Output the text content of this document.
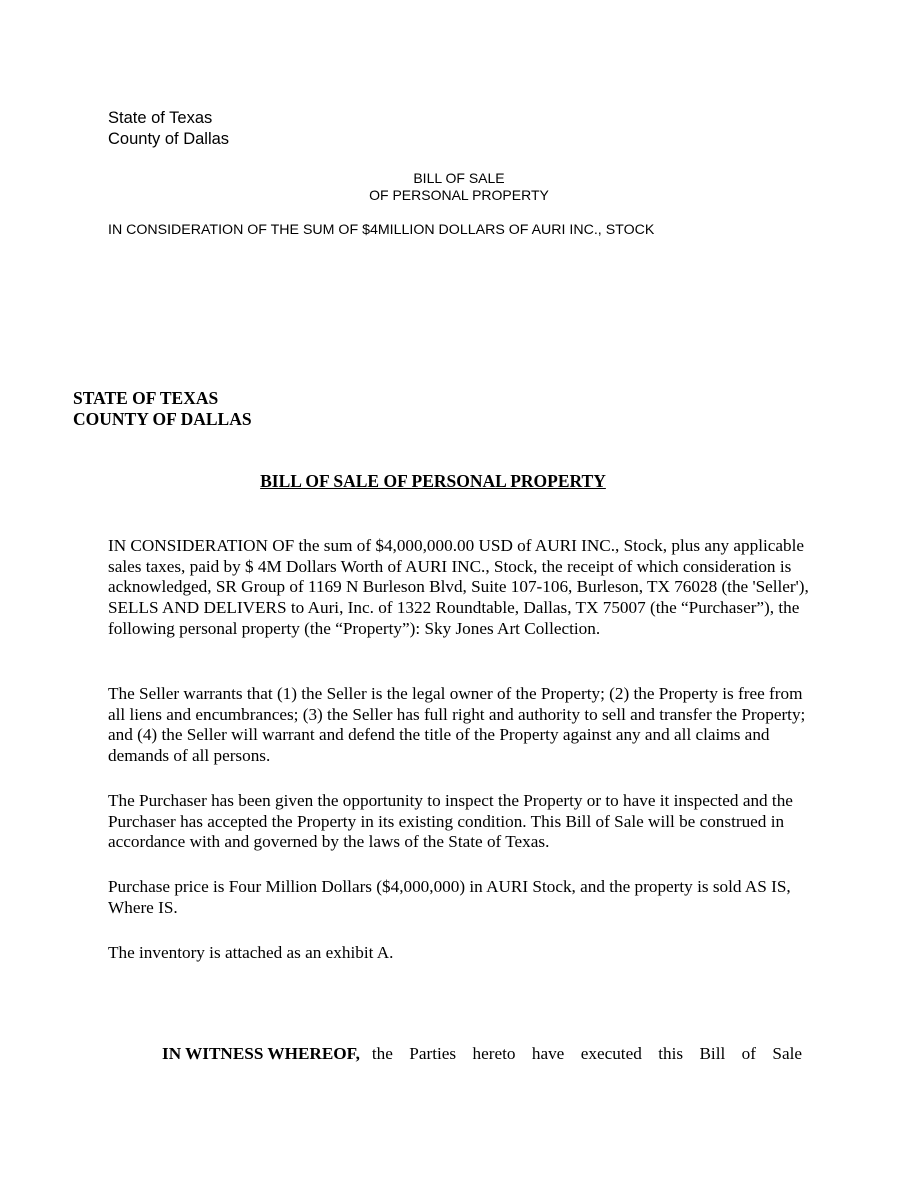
State of Texas
County of Dallas
BILL OF SALE
OF PERSONAL PROPERTY
IN CONSIDERATION OF THE SUM OF $4MILLION DOLLARS OF AURI INC., STOCK
STATE OF TEXAS
COUNTY OF DALLAS
BILL OF SALE OF PERSONAL PROPERTY
IN CONSIDERATION OF the sum of $4,000,000.00 USD of AURI INC., Stock, plus any applicable sales taxes, paid by $ 4M Dollars Worth of AURI INC., Stock, the receipt of which consideration is acknowledged, SR Group of 1169 N Burleson Blvd, Suite 107-106, Burleson, TX 76028 (the 'Seller'), SELLS AND DELIVERS to Auri, Inc. of 1322 Roundtable, Dallas, TX 75007 (the “Purchaser”), the following personal property (the “Property”): Sky Jones Art Collection.
The Seller warrants that (1) the Seller is the legal owner of the Property; (2) the Property is free from all liens and encumbrances; (3) the Seller has full right and authority to sell and transfer the Property; and (4) the Seller will warrant and defend the title of the Property against any and all claims and demands of all persons.
The Purchaser has been given the opportunity to inspect the Property or to have it inspected and the Purchaser has accepted the Property in its existing condition. This Bill of Sale will be construed in accordance with and governed by the laws of the State of Texas.
Purchase price is Four Million Dollars ($4,000,000) in AURI Stock, and the property is sold AS IS, Where IS.
The inventory is attached as an exhibit A.
IN WITNESS WHEREOF, the Parties hereto have executed this Bill of Sale
